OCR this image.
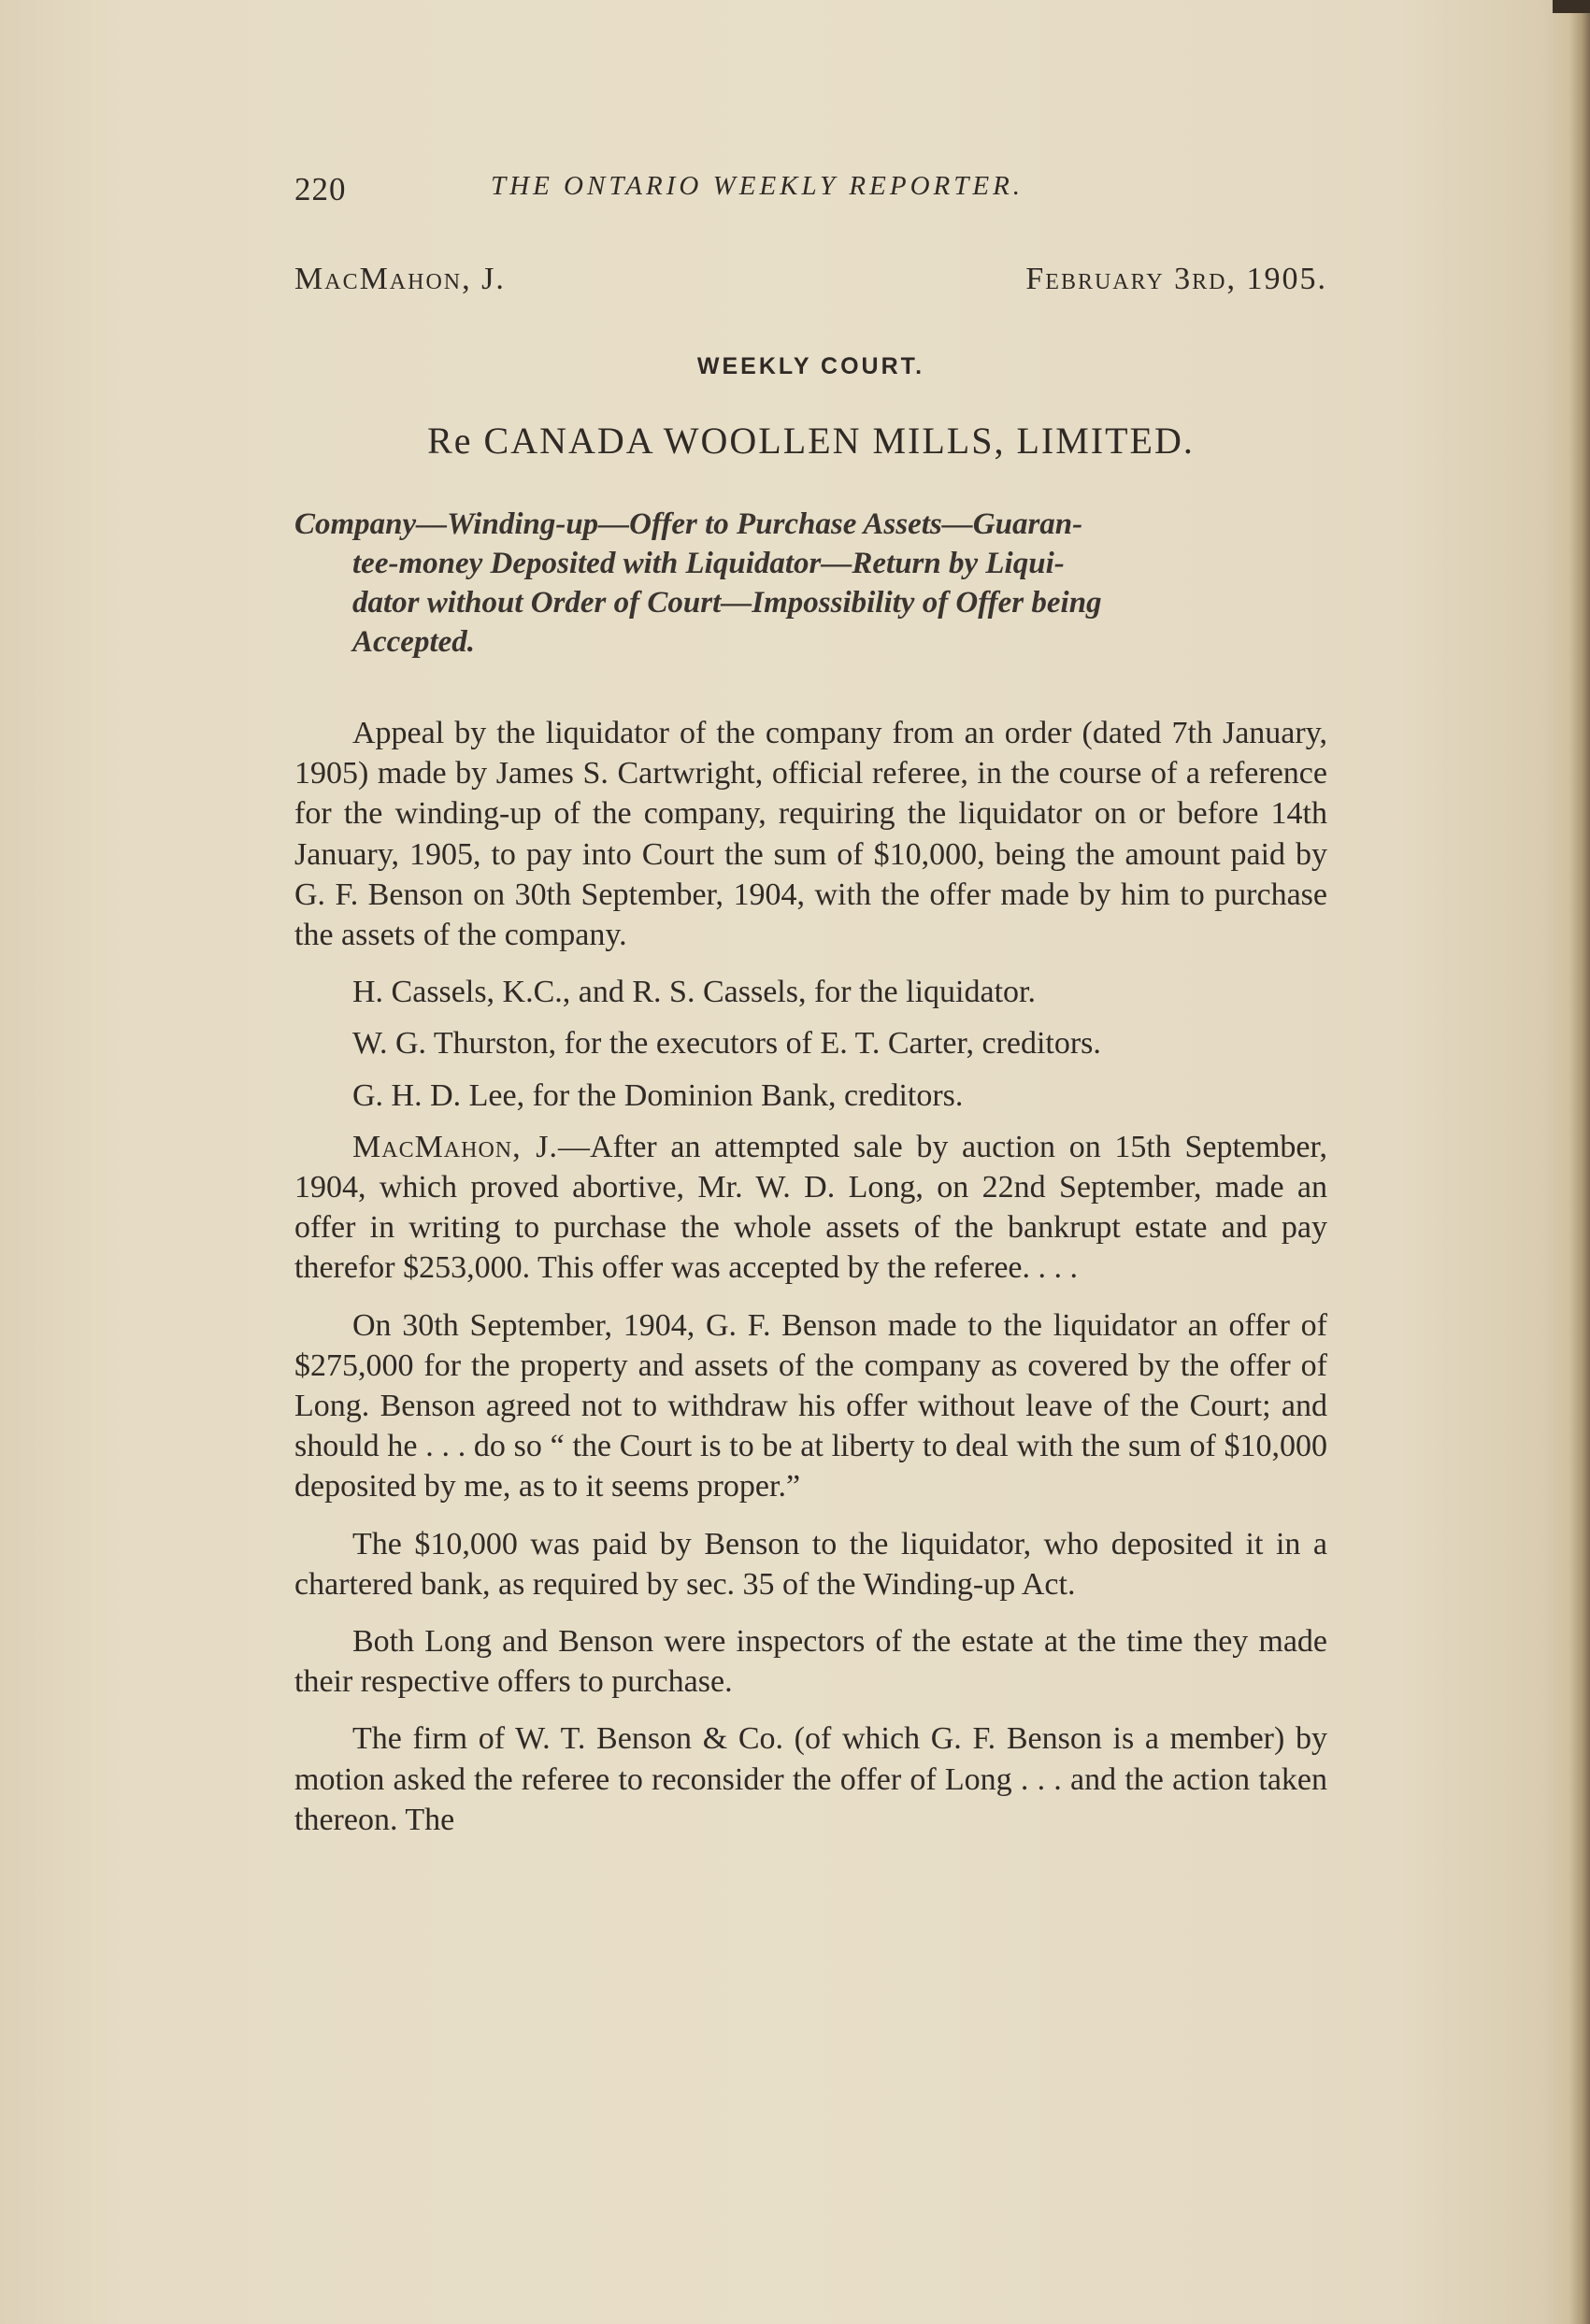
220	THE ONTARIO WEEKLY REPORTER.
MacMahon, J.	February 3rd, 1905.
WEEKLY COURT.
Re CANADA WOOLLEN MILLS, LIMITED.
Company—Winding-up—Offer to Purchase Assets—Guaran-
tee-money Deposited with Liquidator—Return by Liqui-
dator without Order of Court—Impossibility of Offer being
Accepted.

Appeal by the liquidator of the company from an order (dated 7th January, 1905) made by James S. Cartwright, official referee, in the course of a reference for the winding-up of the company, requiring the liquidator on or before 14th January, 1905, to pay into Court the sum of $10,000, being the amount paid by G. F. Benson on 30th September, 1904, with the offer made by him to purchase the assets of the company.

H. Cassels, K.C., and R. S. Cassels, for the liquidator.

W. G. Thurston, for the executors of E. T. Carter, creditors.

G. H. D. Lee, for the Dominion Bank, creditors.

MacMahon, J.—After an attempted sale by auction on 15th September, 1904, which proved abortive, Mr. W. D. Long, on 22nd September, made an offer in writing to purchase the whole assets of the bankrupt estate and pay therefor $253,000. This offer was accepted by the referee. . . .

On 30th September, 1904, G. F. Benson made to the liquidator an offer of $275,000 for the property and assets of the company as covered by the offer of Long. Benson agreed not to withdraw his offer without leave of the Court; and should he . . . do so “ the Court is to be at liberty to deal with the sum of $10,000 deposited by me, as to it seems proper.”

The $10,000 was paid by Benson to the liquidator, who deposited it in a chartered bank, as required by sec. 35 of the Winding-up Act.

Both Long and Benson were inspectors of the estate at the time they made their respective offers to purchase.

The firm of W. T. Benson & Co. (of which G. F. Benson is a member) by motion asked the referee to reconsider the offer of Long . . . and the action taken thereon. The
